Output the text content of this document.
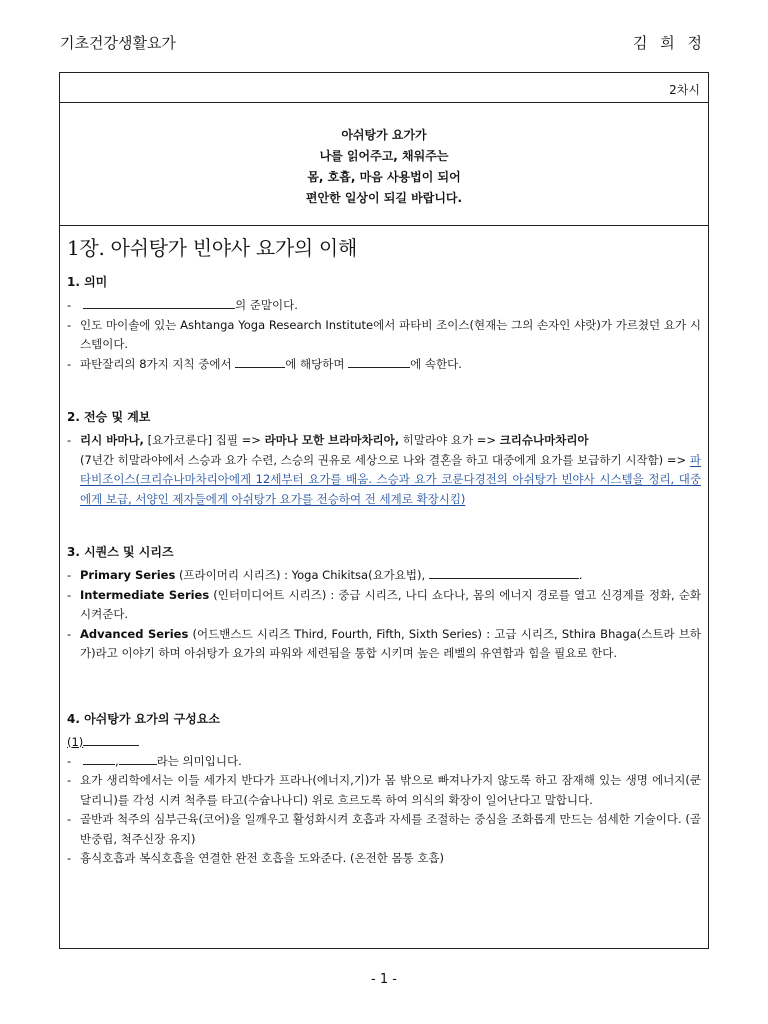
기초건강생활요가	김 희 정
2차시
아쉬탕가 요가가
나를 읽어주고, 채워주는
몸, 호흡, 마음 사용법이 되어
편안한 일상이 되길 바랍니다.
1장. 아쉬탕가 빈야사 요가의 이해
1. 의미
-	의 준말이다.
- 인도 마이솔에 있는 Ashtanga Yoga Research Institute에서 파타비 조이스(현재는 그의 손자인 샤랏)가 가르쳤던 요가 시스템이다.
- 파탄잘리의 8가지 지칙 중에서	에 해당하며	에 속한다.
2. 전승 및 계보
- 리시 바마나, [요가코룬다] 집필 => 라마나 모한 브라마차리아, 히말라야 요가 => 크리슈나마차리아
(7년간 히말라야에서 스승과 요가 수련, 스승의 권유로 세상으로 나와 결혼을 하고 대중에게 요가를 보급하기 시작함) => 파타비조이스(크리슈나마차리아에게 12세부터 요가를 배움. 스승과 요가 코룬다경전의 아쉬탕가 빈야사 시스템을 정리, 대중에게 보급, 서양인 제자들에게 아쉬탕가 요가를 전승하여 전 세계로 확장시킴)
3. 시퀀스 및 시리즈
- Primary Series (프라이머리 시리즈) : Yoga Chikitsa(요가요법),	.
- Intermediate Series (인터미디어트 시리즈) : 중급 시리즈, 나디 쇼다나, 몸의 에너지 경로를 열고 신경계를 정화, 순화시켜준다.
- Advanced Series (어드밴스드 시리즈 Third, Fourth, Fifth, Sixth Series) : 고급 시리즈, Sthira Bhaga(스트라 브하가)라고 이야기 하며 아쉬탕가 요가의 파워와 세련됨을 통합 시키며 높은 레벨의 유연함과 힘을 필요로 한다.
4. 아쉬탕가 요가의 구성요소
(1)
-	,	라는 의미입니다.
- 요가 생리학에서는 이들 세가지 반다가 프라나(에너지,기)가 몸 밖으로 빠져나가지 않도록 하고 잠재해 있는 생명 에너지(쿤달리니)를 각성 시켜 척추를 타고(수슘나나디) 위로 흐르도록 하여 의식의 확장이 일어난다고 말합니다.
- 골반과 척주의 심부근육(코어)을 일깨우고 활성화시켜 호흡과 자세를 조절하는 중심을 조화롭게 만드는 섬세한 기술이다. (골반중립, 척주신장 유지)
- 흉식호흡과 복식호흡을 연결한 완전 호흡을 도와준다. (온전한 몸통 호흡)
- 1 -
